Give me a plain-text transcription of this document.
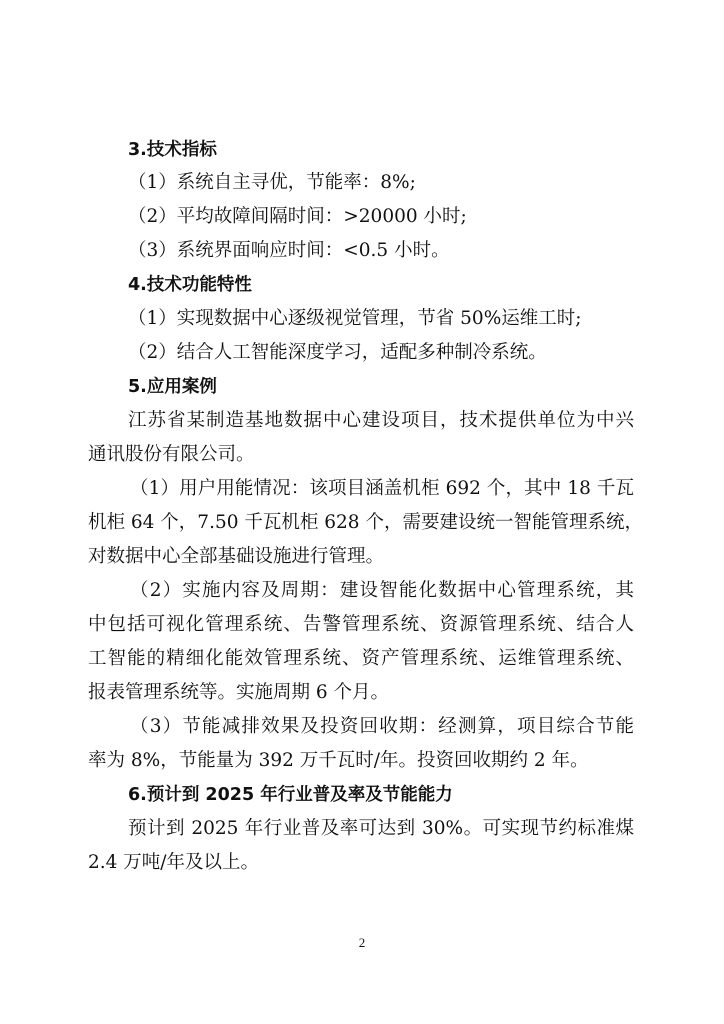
3.技术指标
（1）系统自主寻优，节能率：8%;
（2）平均故障间隔时间：>20000 小时;
（3）系统界面响应时间：<0.5 小时。
4.技术功能特性
（1）实现数据中心逐级视觉管理，节省 50%运维工时;
（2）结合人工智能深度学习，适配多种制冷系统。
5.应用案例
江苏省某制造基地数据中心建设项目，技术提供单位为中兴
通讯股份有限公司。
（1）用户用能情况：该项目涵盖机柜 692 个，其中 18 千瓦
机柜 64 个，7.50 千瓦机柜 628 个，需要建设统一智能管理系统，
对数据中心全部基础设施进行管理。
（2）实施内容及周期：建设智能化数据中心管理系统，其
中包括可视化管理系统、告警管理系统、资源管理系统、结合人
工智能的精细化能效管理系统、资产管理系统、运维管理系统、
报表管理系统等。实施周期 6 个月。
（3）节能减排效果及投资回收期：经测算，项目综合节能
率为 8%，节能量为 392 万千瓦时/年。投资回收期约 2 年。
6.预计到 2025 年行业普及率及节能能力
预计到 2025 年行业普及率可达到 30%。可实现节约标准煤
2.4 万吨/年及以上。
2
